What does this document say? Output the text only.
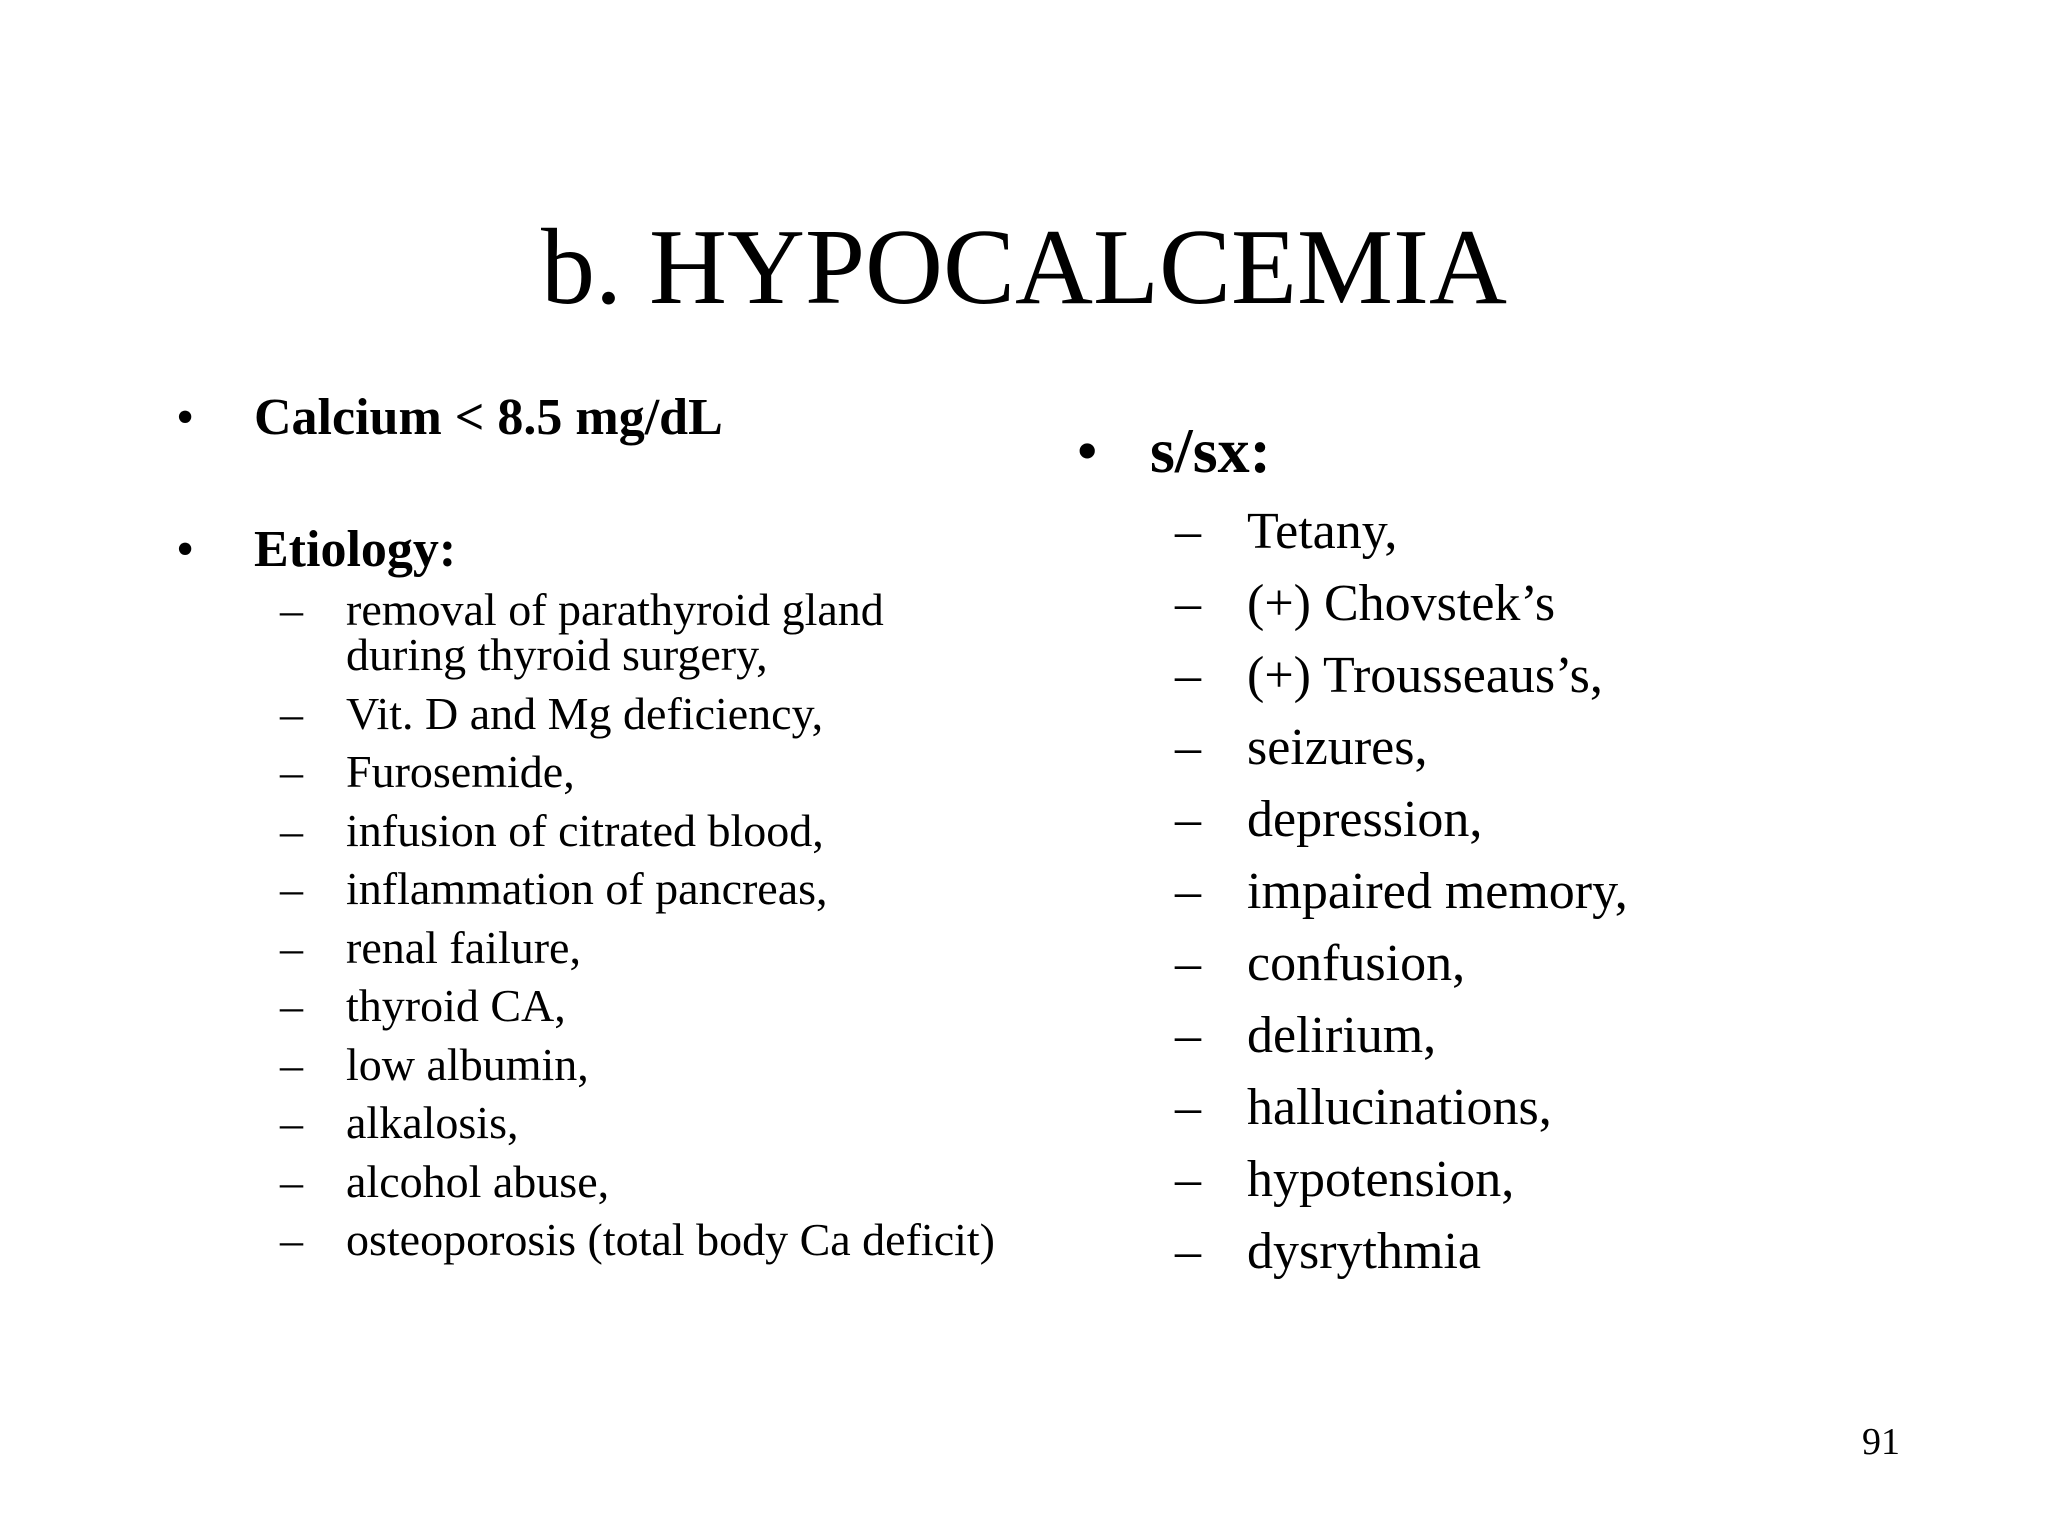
b. HYPOCALCEMIA
•	Calcium < 8.5 mg/dL
•	Etiology:
– removal of parathyroid gland during thyroid surgery,
– Vit. D and Mg deficiency,
– Furosemide,
– infusion of citrated blood,
– inflammation of pancreas,
– renal failure,
– thyroid CA,
– low albumin,
– alkalosis,
– alcohol abuse,
– osteoporosis (total body Ca deficit)
• s/sx:
– Tetany,
– (+) Chovstek’s
– (+) Trousseaus’s,
– seizures,
– depression,
– impaired memory,
– confusion,
– delirium,
– hallucinations,
– hypotension,
– dysrythmia
91
